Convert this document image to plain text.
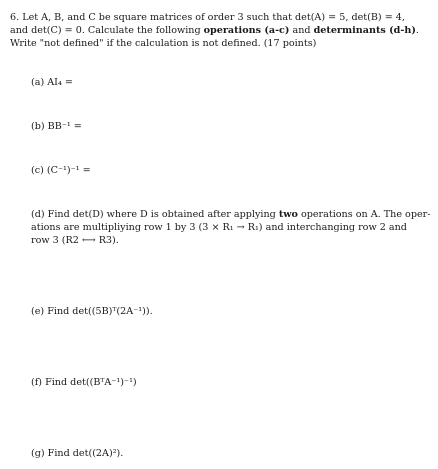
6. Let A, B, and C be square matrices of order 3 such that det(A) = 5, det(B) = 4,
and det(C) = 0. Calculate the following operations (a-c) and determinants (d-h).
Write "not defined" if the calculation is not defined. (17 points)
(a) AI₄ =
(b) BB⁻¹ =
(c) (C⁻¹)⁻¹ =
(d) Find det(D) where D is obtained after applying two operations on A. The oper-
ations are multipliying row 1 by 3 (3 × R₁ → R₁) and interchanging row 2 and
row 3 (R2 ⟷ R3).
(e) Find det((5B)ᵀ(2A⁻¹)).
(f) Find det((BᵀA⁻¹)⁻¹)
(g) Find det((2A)²).
